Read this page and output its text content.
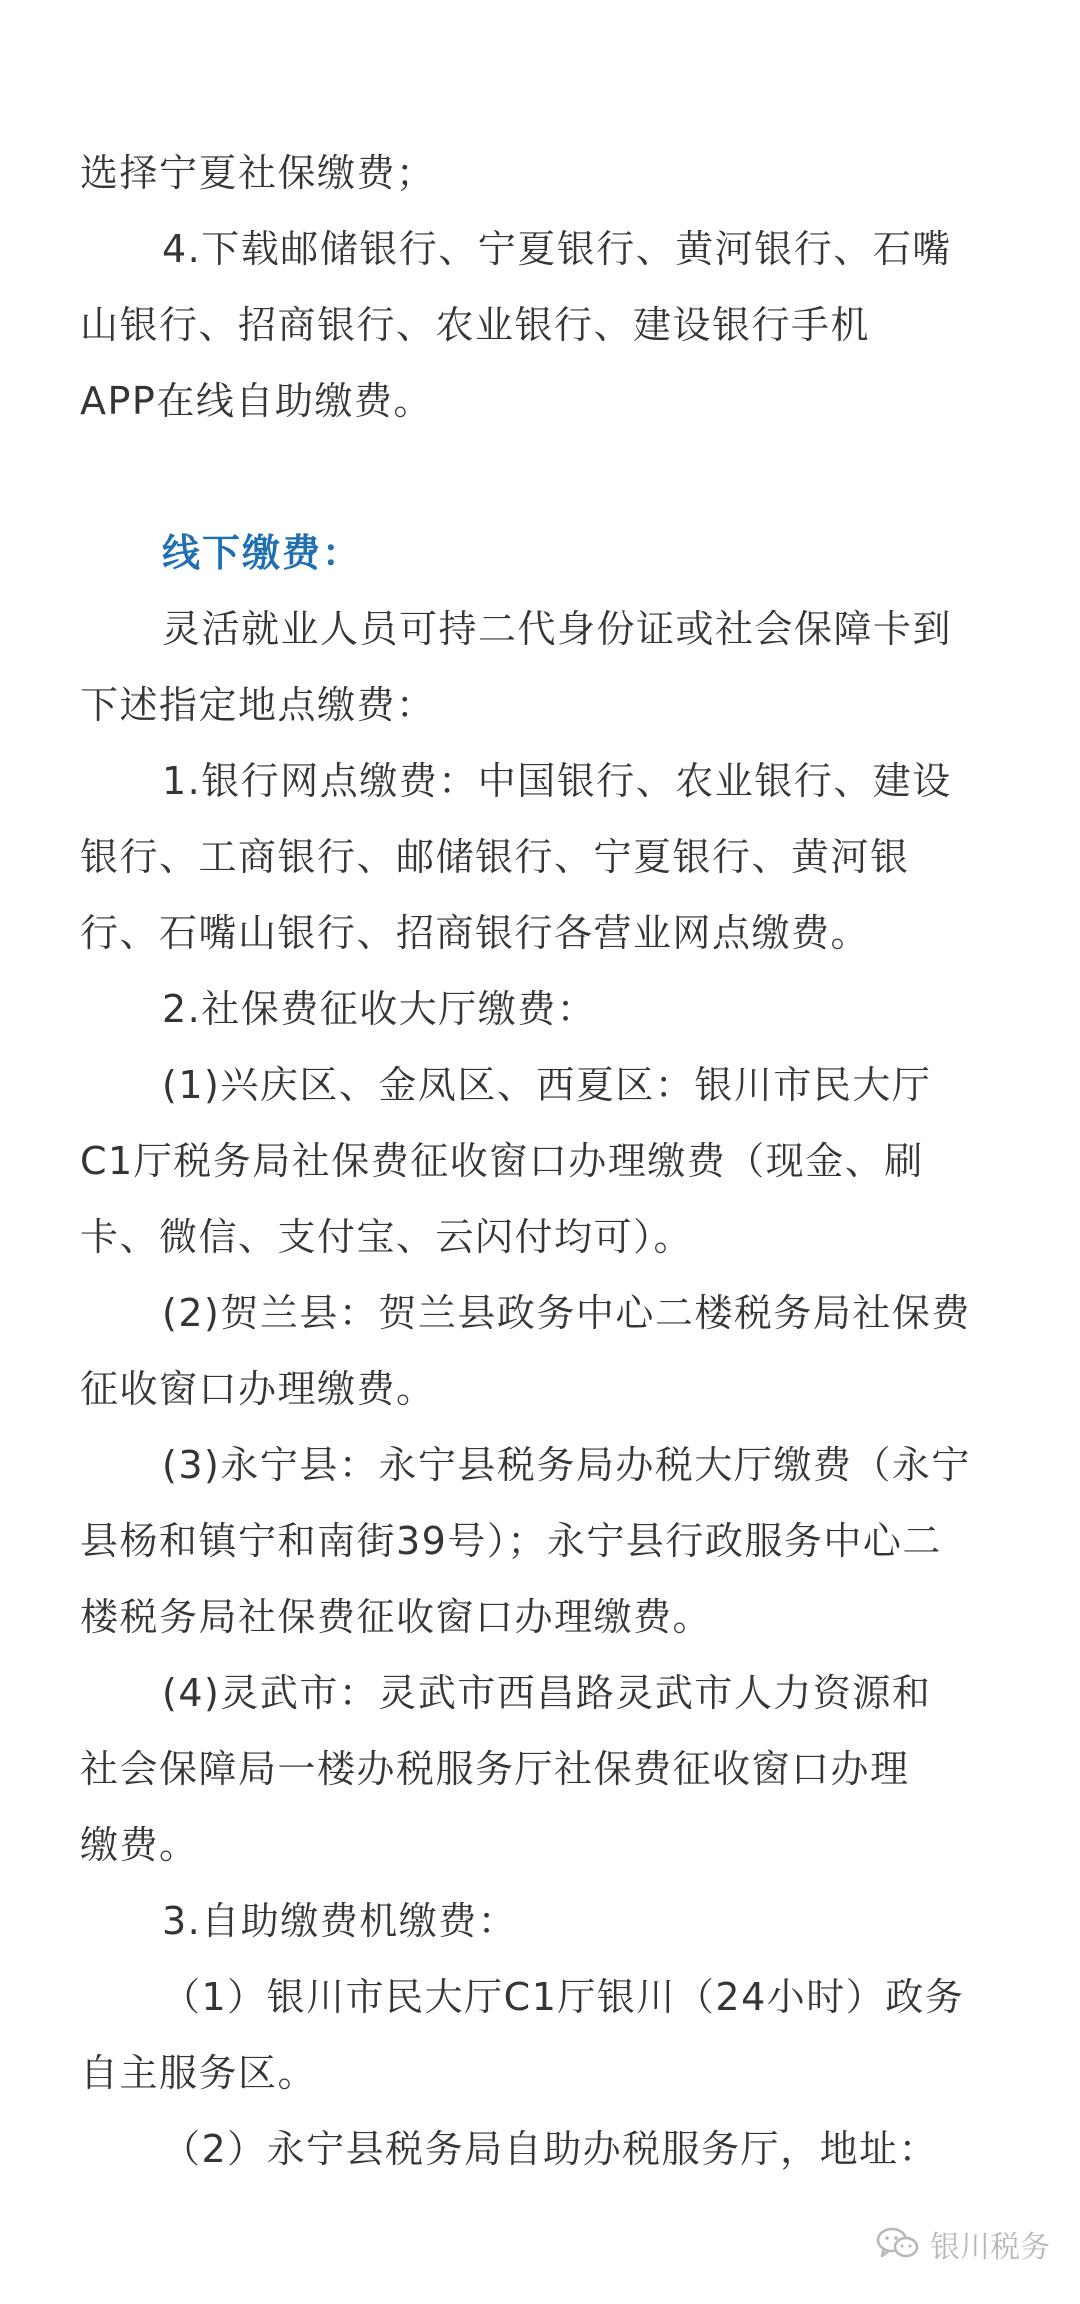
选择宁夏社保缴费；
4.下载邮储银行、宁夏银行、黄河银行、石嘴
山银行、招商银行、农业银行、建设银行手机
APP在线自助缴费。
线下缴费：
灵活就业人员可持二代身份证或社会保障卡到
下述指定地点缴费：
1.银行网点缴费：中国银行、农业银行、建设
银行、工商银行、邮储银行、宁夏银行、黄河银
行、石嘴山银行、招商银行各营业网点缴费。
2.社保费征收大厅缴费：
(1)兴庆区、金凤区、西夏区：银川市民大厅
C1厅税务局社保费征收窗口办理缴费（现金、刷
卡、微信、支付宝、云闪付均可）。
(2)贺兰县：贺兰县政务中心二楼税务局社保费
征收窗口办理缴费。
(3)永宁县：永宁县税务局办税大厅缴费（永宁
县杨和镇宁和南街39号）；永宁县行政服务中心二
楼税务局社保费征收窗口办理缴费。
(4)灵武市：灵武市西昌路灵武市人力资源和
社会保障局一楼办税服务厅社保费征收窗口办理
缴费。
3.自助缴费机缴费：
（1）银川市民大厅C1厅银川（24小时）政务
自主服务区。
（2）永宁县税务局自助办税服务厅，地址：
银川税务
